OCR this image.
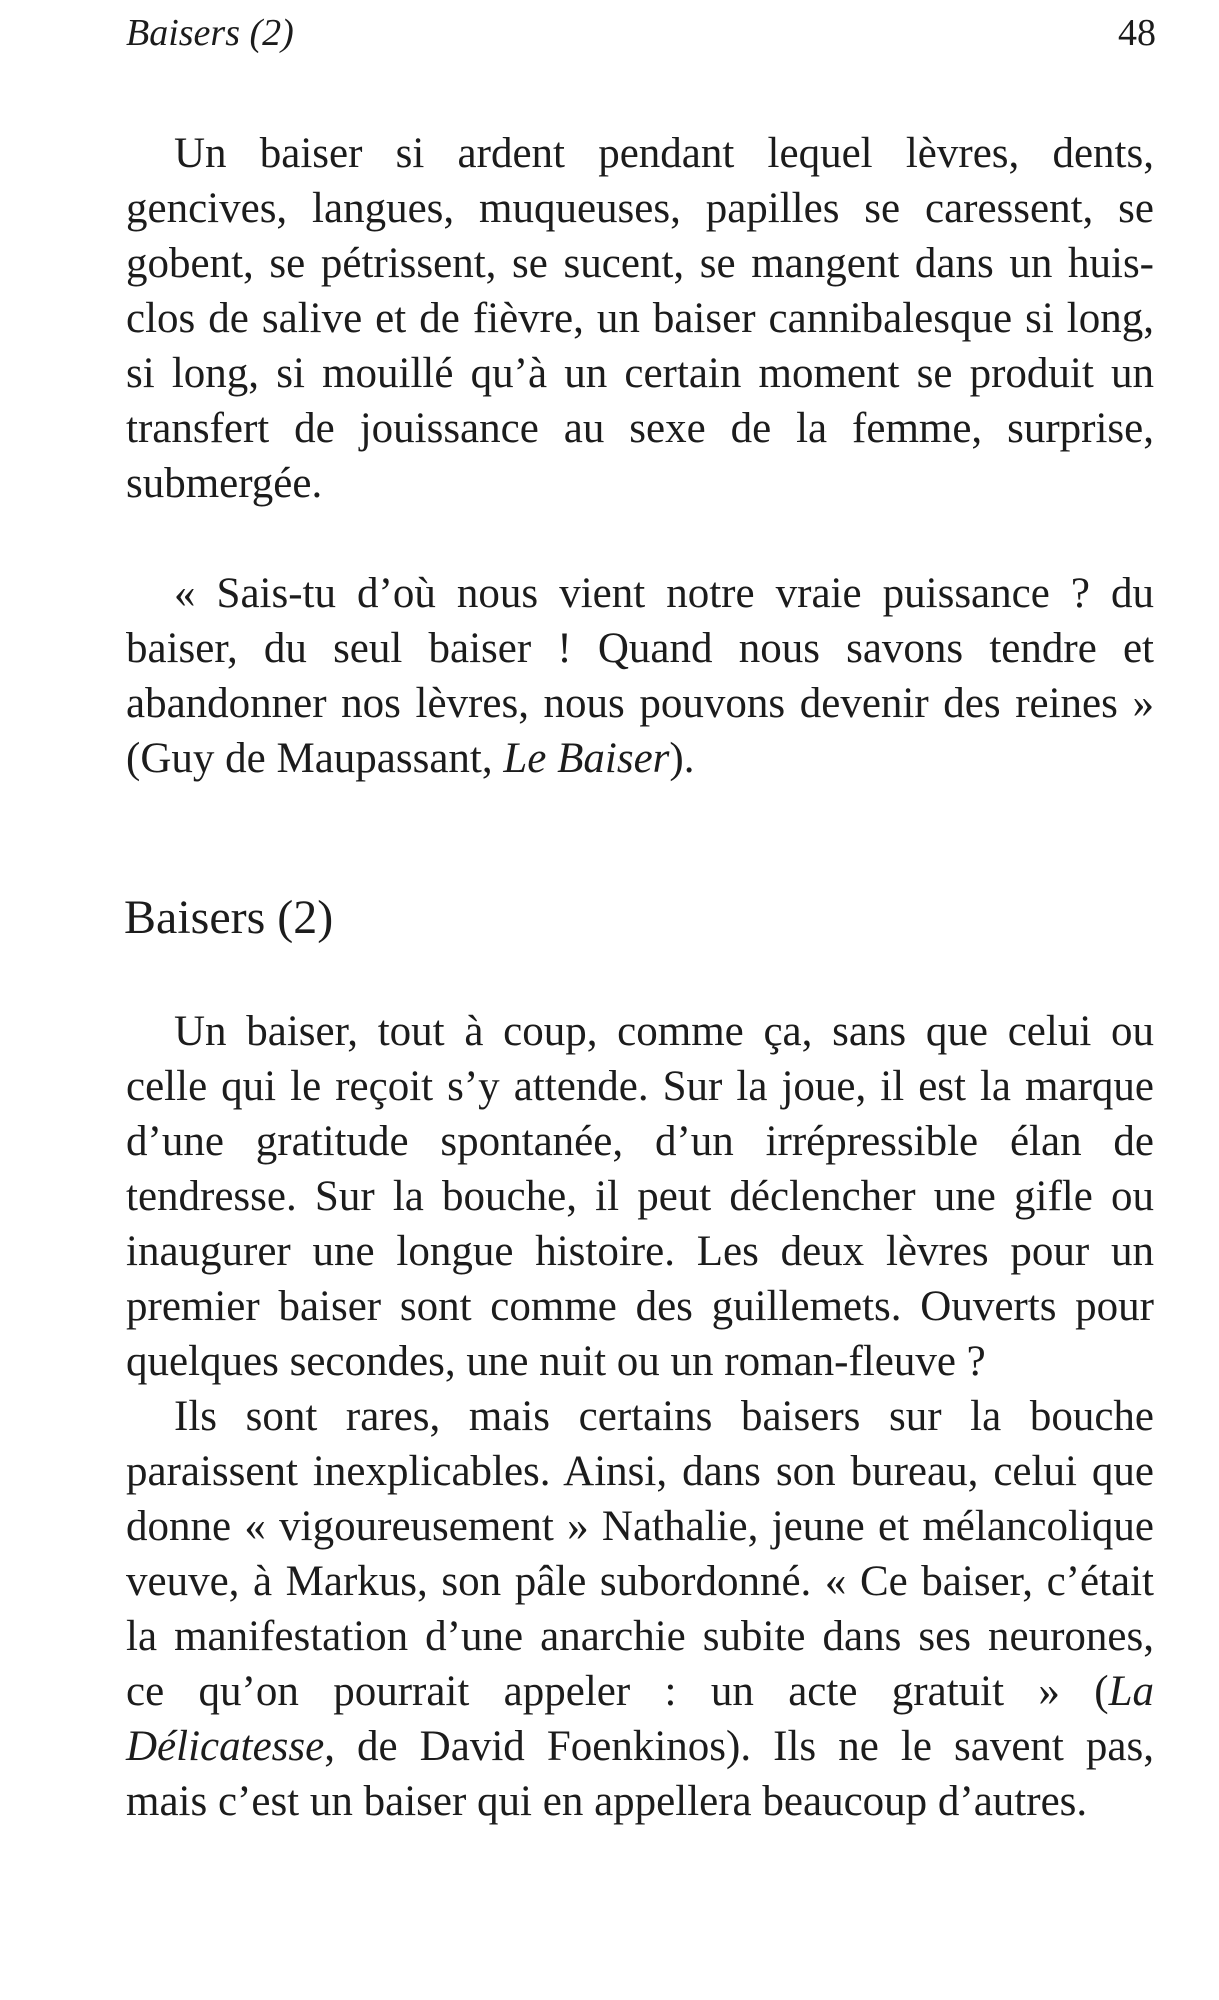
Baisers (2)	48

Un baiser si ardent pendant lequel lèvres, dents, gencives, langues, muqueuses, papilles se caressent, se gobent, se pétrissent, se sucent, se mangent dans un huis-clos de salive et de fièvre, un baiser cannibalesque si long, si long, si mouillé qu’à un certain moment se produit un transfert de jouissance au sexe de la femme, surprise, submergée.

« Sais-tu d’où nous vient notre vraie puissance ? du baiser, du seul baiser ! Quand nous savons tendre et abandonner nos lèvres, nous pouvons devenir des reines » (Guy de Maupassant, Le Baiser).

Baisers (2)

Un baiser, tout à coup, comme ça, sans que celui ou celle qui le reçoit s’y attende. Sur la joue, il est la marque d’une gratitude spontanée, d’un irrépressible élan de tendresse. Sur la bouche, il peut déclencher une gifle ou inaugurer une longue histoire. Les deux lèvres pour un premier baiser sont comme des guillemets. Ouverts pour quelques secondes, une nuit ou un roman-fleuve ?

Ils sont rares, mais certains baisers sur la bouche paraissent inexplicables. Ainsi, dans son bureau, celui que donne « vigoureusement » Nathalie, jeune et mélancolique veuve, à Markus, son pâle subordonné. « Ce baiser, c’était la manifestation d’une anarchie subite dans ses neurones, ce qu’on pourrait appeler : un acte gratuit » (La Délicatesse, de David Foenkinos). Ils ne le savent pas, mais c’est un baiser qui en appellera beaucoup d’autres.
